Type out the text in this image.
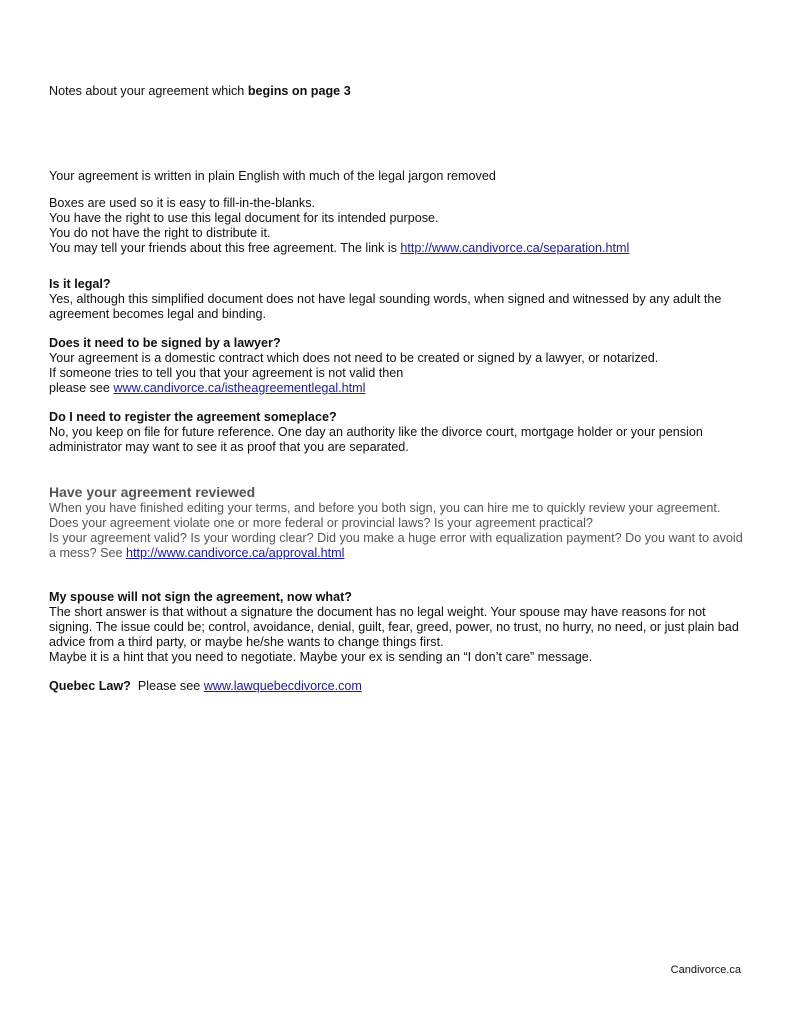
Notes about your agreement which begins on page 3
Your agreement is written in plain English with much of the legal jargon removed
Boxes are used so it is easy to fill-in-the-blanks.
You have the right to use this legal document for its intended purpose.
You do not have the right to distribute it.
You may tell your friends about this free agreement. The link is http://www.candivorce.ca/separation.html
Is it legal?
Yes, although this simplified document does not have legal sounding words, when signed and witnessed by any adult the agreement becomes legal and binding.
Does it need to be signed by a lawyer?
Your agreement is a domestic contract which does not need to be created or signed by a lawyer, or notarized.
If someone tries to tell you that your agreement is not valid then
please see www.candivorce.ca/istheagreementlegal.html
Do I need to register the agreement someplace?
No, you keep on file for future reference. One day an authority like the divorce court, mortgage holder or your pension administrator may want to see it as proof that you are separated.
Have your agreement reviewed
When you have finished editing your terms, and before you both sign, you can hire me to quickly review your agreement.
Does your agreement violate one or more federal or provincial laws? Is your agreement practical?
Is your agreement valid? Is your wording clear? Did you make a huge error with equalization payment? Do you want to avoid a mess? See http://www.candivorce.ca/approval.html
My spouse will not sign the agreement, now what?
The short answer is that without a signature the document has no legal weight. Your spouse may have reasons for not signing. The issue could be; control, avoidance, denial, guilt, fear, greed, power, no trust, no hurry, no need, or just plain bad advice from a third party, or maybe he/she wants to change things first.
Maybe it is a hint that you need to negotiate. Maybe your ex is sending an “I don’t care” message.
Quebec Law?  Please see www.lawquebecdivorce.com
Candivorce.ca
